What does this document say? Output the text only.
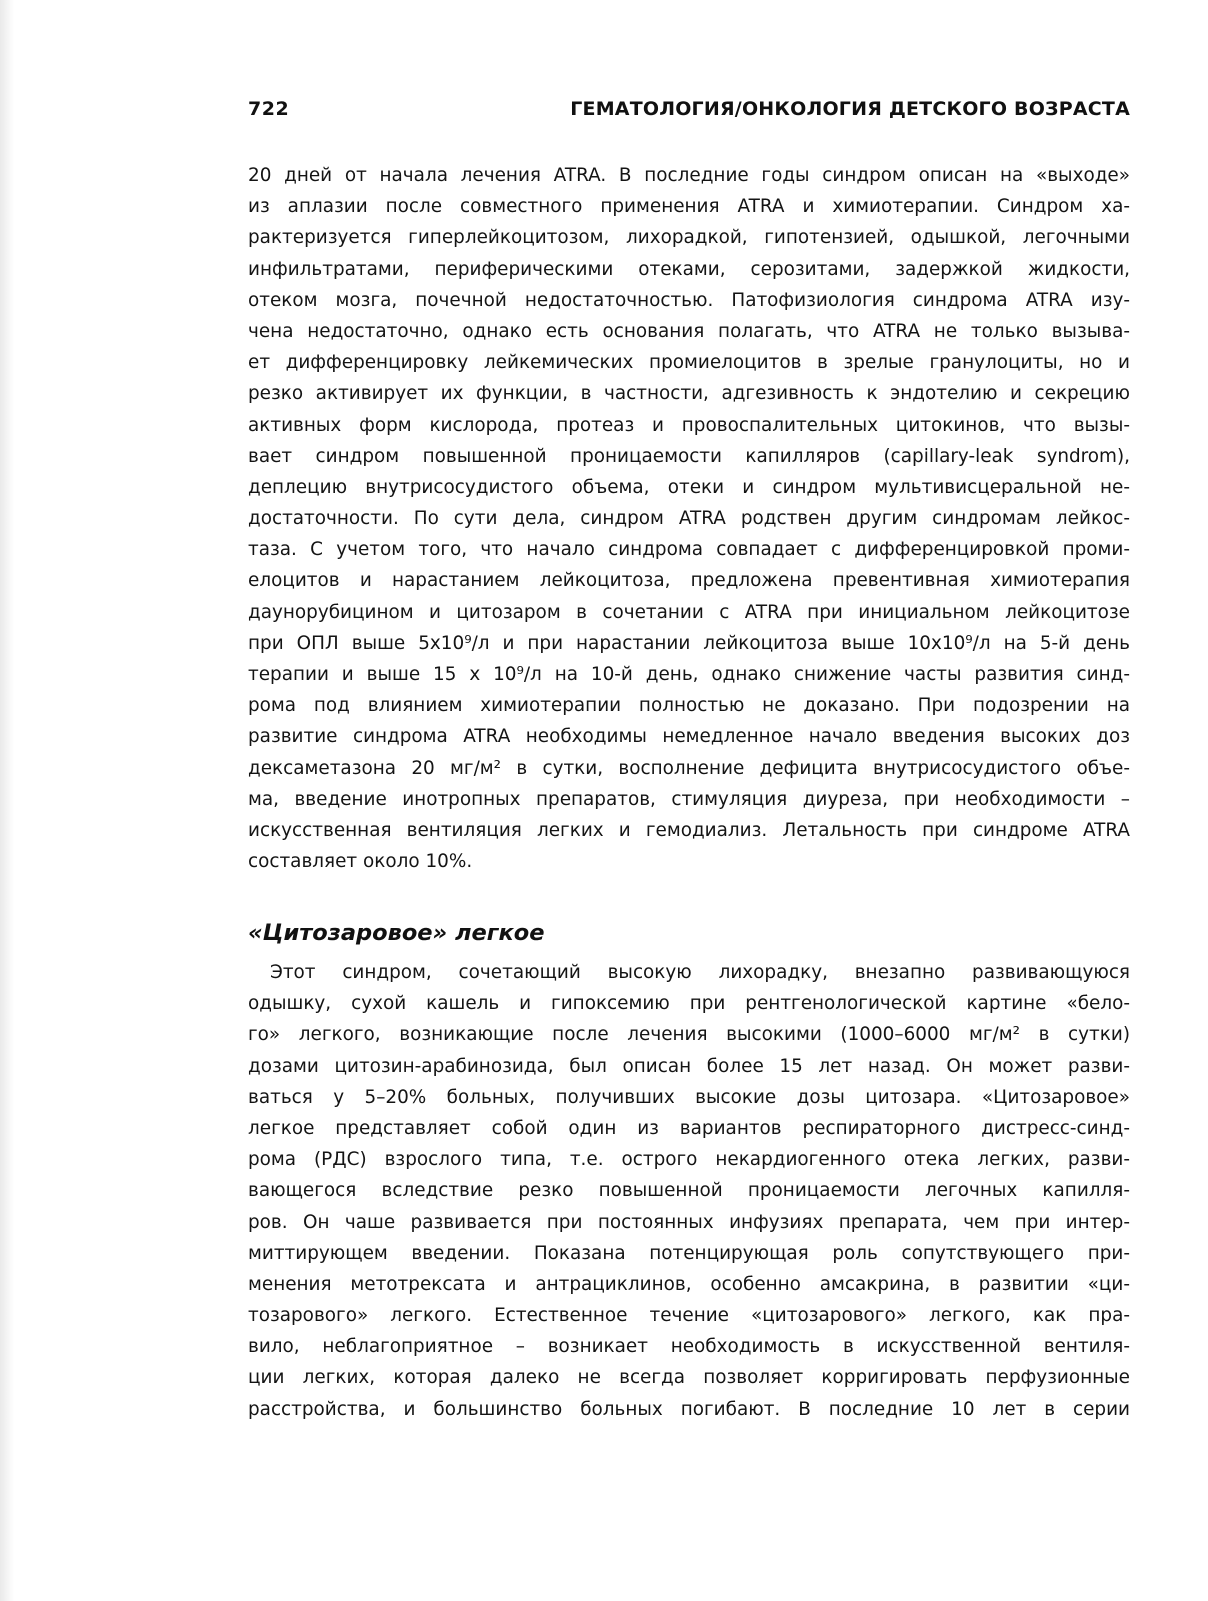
722	ГЕМАТОЛОГИЯ/ОНКОЛОГИЯ ДЕТСКОГО ВОЗРАСТА
20 дней от начала лечения ATRA. В последние годы синдром описан на «выходе»
из аплазии после совместного применения ATRA и химиотерапии. Синдром ха-
рактеризуется гиперлейкоцитозом, лихорадкой, гипотензией, одышкой, легочными
инфильтратами, периферическими отеками, серозитами, задержкой жидкости,
отеком мозга, почечной недостаточностью. Патофизиология синдрома ATRA изу-
чена недостаточно, однако есть основания полагать, что ATRA не только вызыва-
ет дифференцировку лейкемических промиелоцитов в зрелые гранулоциты, но и
резко активирует их функции, в частности, адгезивность к эндотелию и секрецию
активных форм кислорода, протеаз и провоспалительных цитокинов, что вызы-
вает синдром повышенной проницаемости капилляров (capillary-leak syndrom),
деплецию внутрисосудистого объема, отеки и синдром мультивисцеральной не-
достаточности. По сути дела, синдром ATRA родствен другим синдромам лейкос-
таза. С учетом того, что начало синдрома совпадает с дифференцировкой проми-
елоцитов и нарастанием лейкоцитоза, предложена превентивная химиотерапия
даунорубицином и цитозаром в сочетании с ATRA при инициальном лейкоцитозе
при ОПЛ выше 5x10⁹/л и при нарастании лейкоцитоза выше 10x10⁹/л на 5-й день
терапии и выше 15 x 10⁹/л на 10-й день, однако снижение часты развития синд-
рома под влиянием химиотерапии полностью не доказано. При подозрении на
развитие синдрома ATRA необходимы немедленное начало введения высоких доз
дексаметазона 20 мг/м² в сутки, восполнение дефицита внутрисосудистого объе-
ма, введение инотропных препаратов, стимуляция диуреза, при необходимости –
искусственная вентиляция легких и гемодиализ. Летальность при синдроме ATRA
составляет около 10%.
«Цитозаровое» легкое
Этот синдром, сочетающий высокую лихорадку, внезапно развивающуюся
одышку, сухой кашель и гипоксемию при рентгенологической картине «бело-
го» легкого, возникающие после лечения высокими (1000–6000 мг/м² в сутки)
дозами цитозин-арабинозида, был описан более 15 лет назад. Он может разви-
ваться у 5–20% больных, получивших высокие дозы цитозара. «Цитозаровое»
легкое представляет собой один из вариантов респираторного дистресс-синд-
рома (РДС) взрослого типа, т.е. острого некардиогенного отека легких, разви-
вающегося вследствие резко повышенной проницаемости легочных капилля-
ров. Он чаше развивается при постоянных инфузиях препарата, чем при интер-
миттирующем введении. Показана потенцирующая роль сопутствующего при-
менения метотрексата и антрациклинов, особенно амсакрина, в развитии «ци-
тозарового» легкого. Естественное течение «цитозарового» легкого, как пра-
вило, неблагоприятное – возникает необходимость в искусственной вентиля-
ции легких, которая далеко не всегда позволяет корригировать перфузионные
расстройства, и большинство больных погибают. В последние 10 лет в серии
